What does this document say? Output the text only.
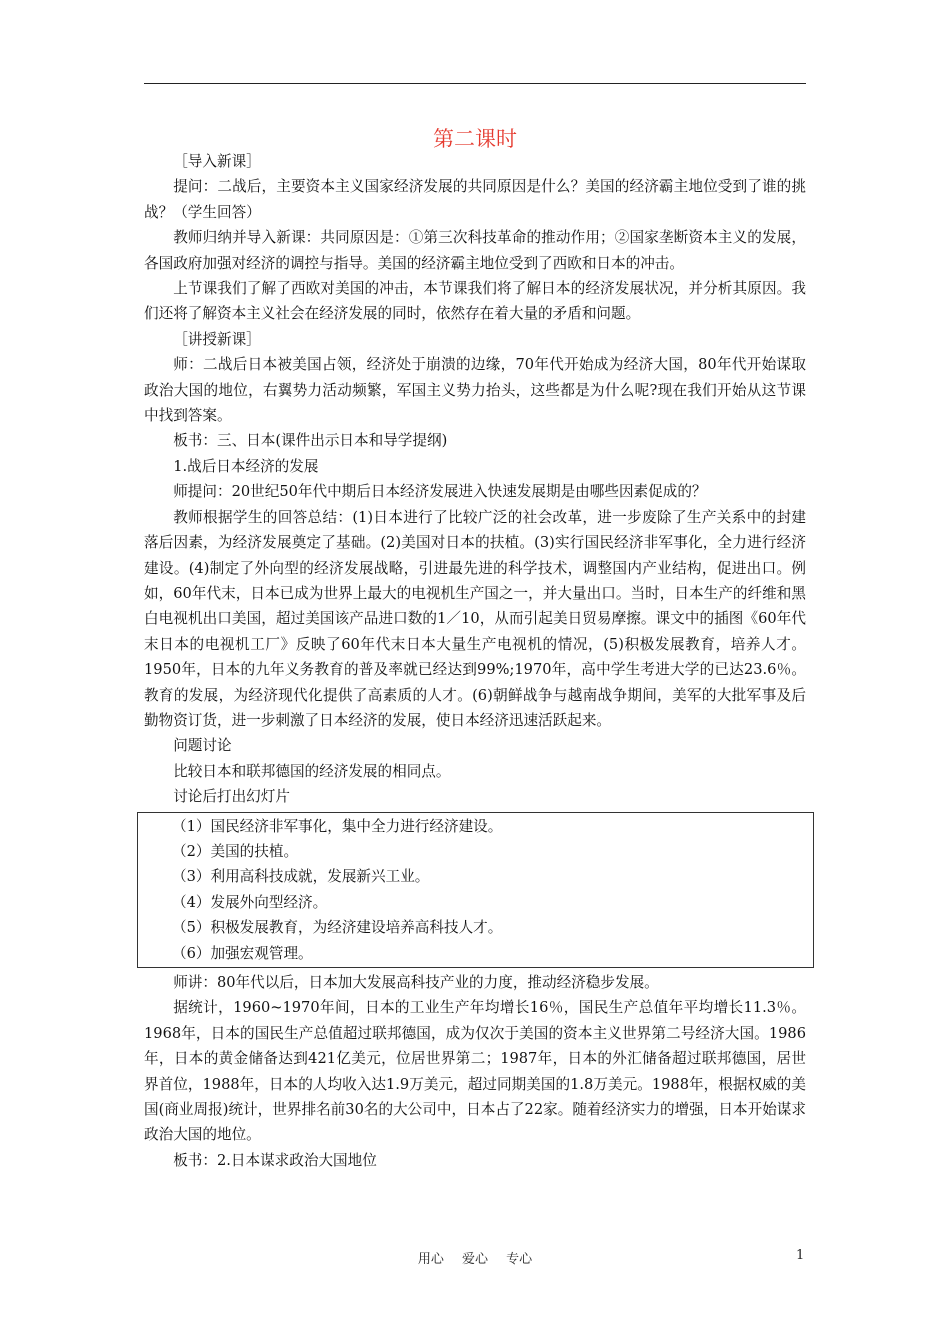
第二课时

［导入新课］

提问：二战后，主要资本主义国家经济发展的共同原因是什么？美国的经济霸主地位受到了谁的挑战？（学生回答）

教师归纳并导入新课：共同原因是：①第三次科技革命的推动作用；②国家垄断资本主义的发展，各国政府加强对经济的调控与指导。美国的经济霸主地位受到了西欧和日本的冲击。

上节课我们了解了西欧对美国的冲击，本节课我们将了解日本的经济发展状况，并分析其原因。我们还将了解资本主义社会在经济发展的同时，依然存在着大量的矛盾和问题。

［讲授新课］

师：二战后日本被美国占领，经济处于崩溃的边缘，70年代开始成为经济大国，80年代开始谋取政治大国的地位，右翼势力活动频繁，军国主义势力抬头，这些都是为什么呢?现在我们开始从这节课中找到答案。

板书：三、日本(课件出示日本和导学提纲)

1.战后日本经济的发展

师提问：20世纪50年代中期后日本经济发展进入快速发展期是由哪些因素促成的？

教师根据学生的回答总结：(1)日本进行了比较广泛的社会改革，进一步废除了生产关系中的封建落后因素，为经济发展奠定了基础。(2)美国对日本的扶植。(3)实行国民经济非军事化，全力进行经济建设。(4)制定了外向型的经济发展战略，引进最先进的科学技术，调整国内产业结构，促进出口。例如，60年代末，日本已成为世界上最大的电视机生产国之一，并大量出口。当时，日本生产的纤维和黑白电视机出口美国，超过美国该产品进口数的1／10，从而引起美日贸易摩擦。课文中的插图《60年代末日本的电视机工厂》反映了60年代末日本大量生产电视机的情况，(5)积极发展教育，培养人才。1950年，日本的九年义务教育的普及率就已经达到99%;1970年，高中学生考进大学的已达23.6％。教育的发展，为经济现代化提供了高素质的人才。(6)朝鲜战争与越南战争期间，美军的大批军事及后勤物资订货，进一步刺激了日本经济的发展，使日本经济迅速活跃起来。

问题讨论

比较日本和联邦德国的经济发展的相同点。

讨论后打出幻灯片

（1）国民经济非军事化，集中全力进行经济建设。
（2）美国的扶植。
（3）利用高科技成就，发展新兴工业。
（4）发展外向型经济。
（5）积极发展教育，为经济建设培养高科技人才。
（6）加强宏观管理。

师讲：80年代以后，日本加大发展高科技产业的力度，推动经济稳步发展。

据统计，1960~1970年间，日本的工业生产年均增长16％，国民生产总值年平均增长11.3％。1968年，日本的国民生产总值超过联邦德国，成为仅次于美国的资本主义世界第二号经济大国。1986年，日本的黄金储备达到421亿美元，位居世界第二；1987年，日本的外汇储备超过联邦德国，居世界首位，1988年，日本的人均收入达1.9万美元，超过同期美国的1.8万美元。1988年，根据权威的美国(商业周报)统计，世界排名前30名的大公司中，日本占了22家。随着经济实力的增强，日本开始谋求政治大国的地位。

板书：2.日本谋求政治大国地位

用心 爱心 专心	1
